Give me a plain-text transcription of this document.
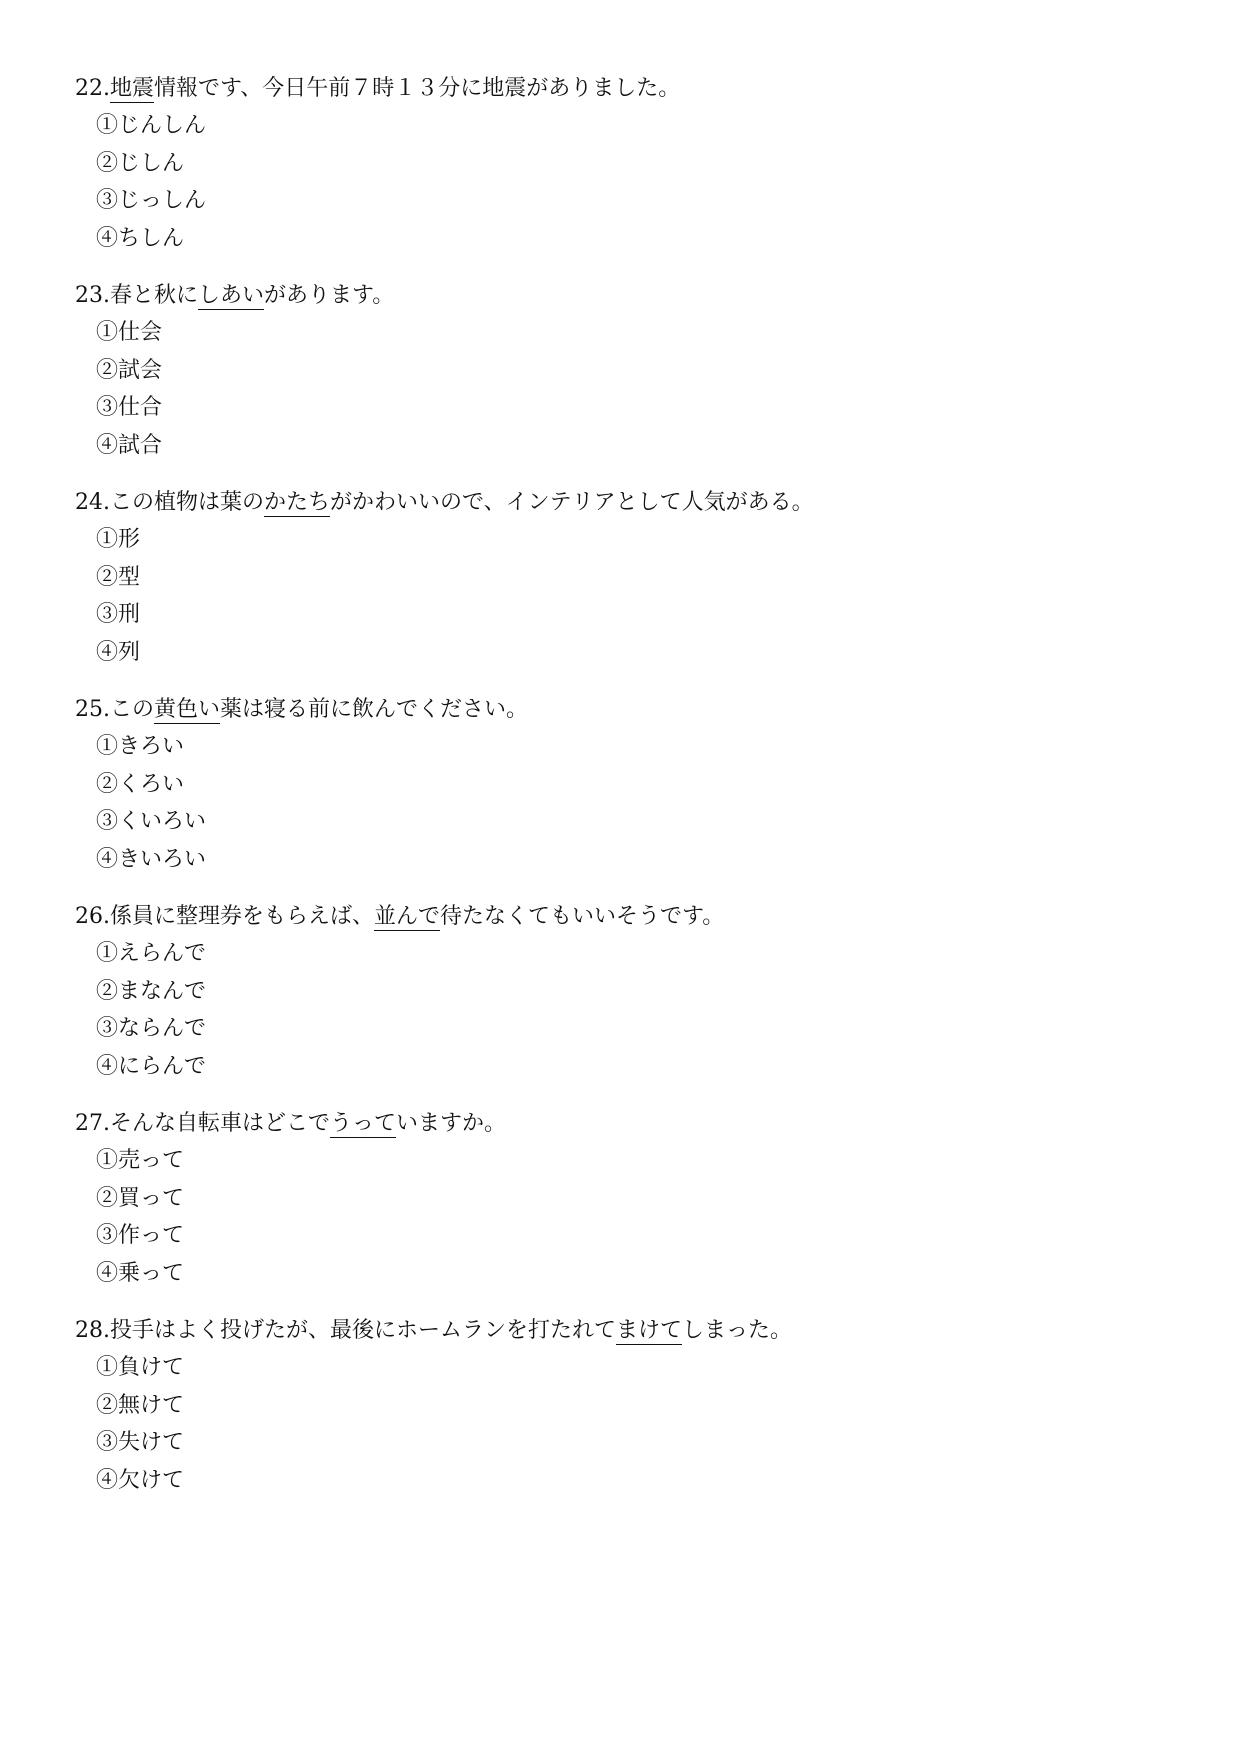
22.地震情報です、今日午前７時１３分に地震がありました。
①じんしん
②じしん
③じっしん
④ちしん
23.春と秋にしあいがあります。
①仕会
②試会
③仕合
④試合
24.この植物は葉のかたちがかわいいので、インテリアとして人気がある。
①形
②型
③刑
④列
25.この黄色い薬は寝る前に飲んでください。
①きろい
②くろい
③くいろい
④きいろい
26.係員に整理券をもらえば、並んで待たなくてもいいそうです。
①えらんで
②まなんで
③ならんで
④にらんで
27.そんな自転車はどこでうっていますか。
①売って
②買って
③作って
④乗って
28.投手はよく投げたが、最後にホームランを打たれてまけてしまった。
①負けて
②無けて
③失けて
④欠けて
